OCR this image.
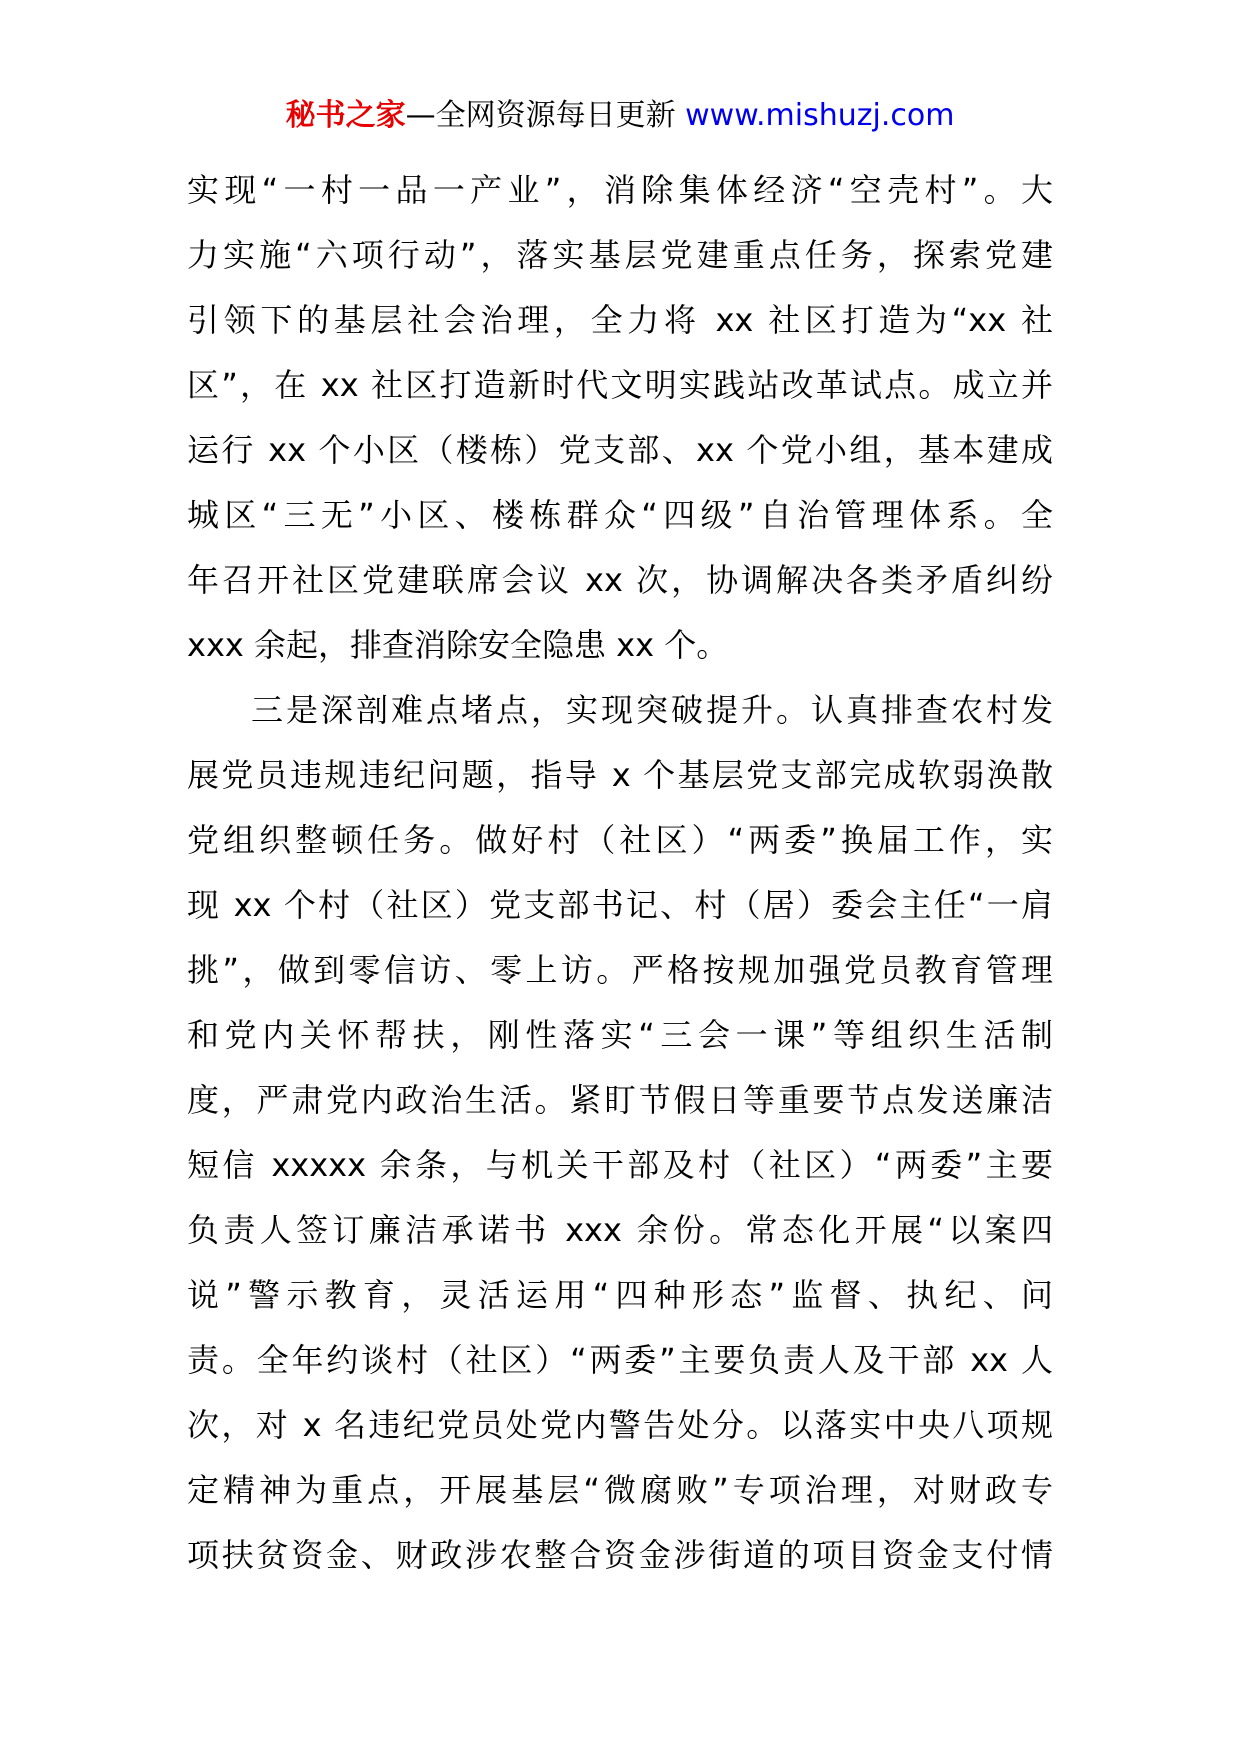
秘书之家—全网资源每日更新 www.mishuzj.com
实现“一村一品一产业”，消除集体经济“空壳村”。大
力实施“六项行动”，落实基层党建重点任务，探索党建
引领下的基层社会治理，全力将 xx 社区打造为“xx 社
区”，在 xx 社区打造新时代文明实践站改革试点。成立并
运行 xx 个小区（楼栋）党支部、xx 个党小组，基本建成
城区“三无”小区、楼栋群众“四级”自治管理体系。全
年召开社区党建联席会议 xx 次，协调解决各类矛盾纠纷
xxx 余起，排查消除安全隐患 xx 个。
三是深剖难点堵点，实现突破提升。认真排查农村发
展党员违规违纪问题，指导 x 个基层党支部完成软弱涣散
党组织整顿任务。做好村（社区）“两委”换届工作，实
现 xx 个村（社区）党支部书记、村（居）委会主任“一肩
挑”，做到零信访、零上访。严格按规加强党员教育管理
和党内关怀帮扶，刚性落实“三会一课”等组织生活制
度，严肃党内政治生活。紧盯节假日等重要节点发送廉洁
短信 xxxxx 余条，与机关干部及村（社区）“两委”主要
负责人签订廉洁承诺书 xxx 余份。常态化开展“以案四
说”警示教育，灵活运用“四种形态”监督、执纪、问
责。全年约谈村（社区）“两委”主要负责人及干部 xx 人
次，对 x 名违纪党员处党内警告处分。以落实中央八项规
定精神为重点，开展基层“微腐败”专项治理，对财政专
项扶贫资金、财政涉农整合资金涉街道的项目资金支付情
